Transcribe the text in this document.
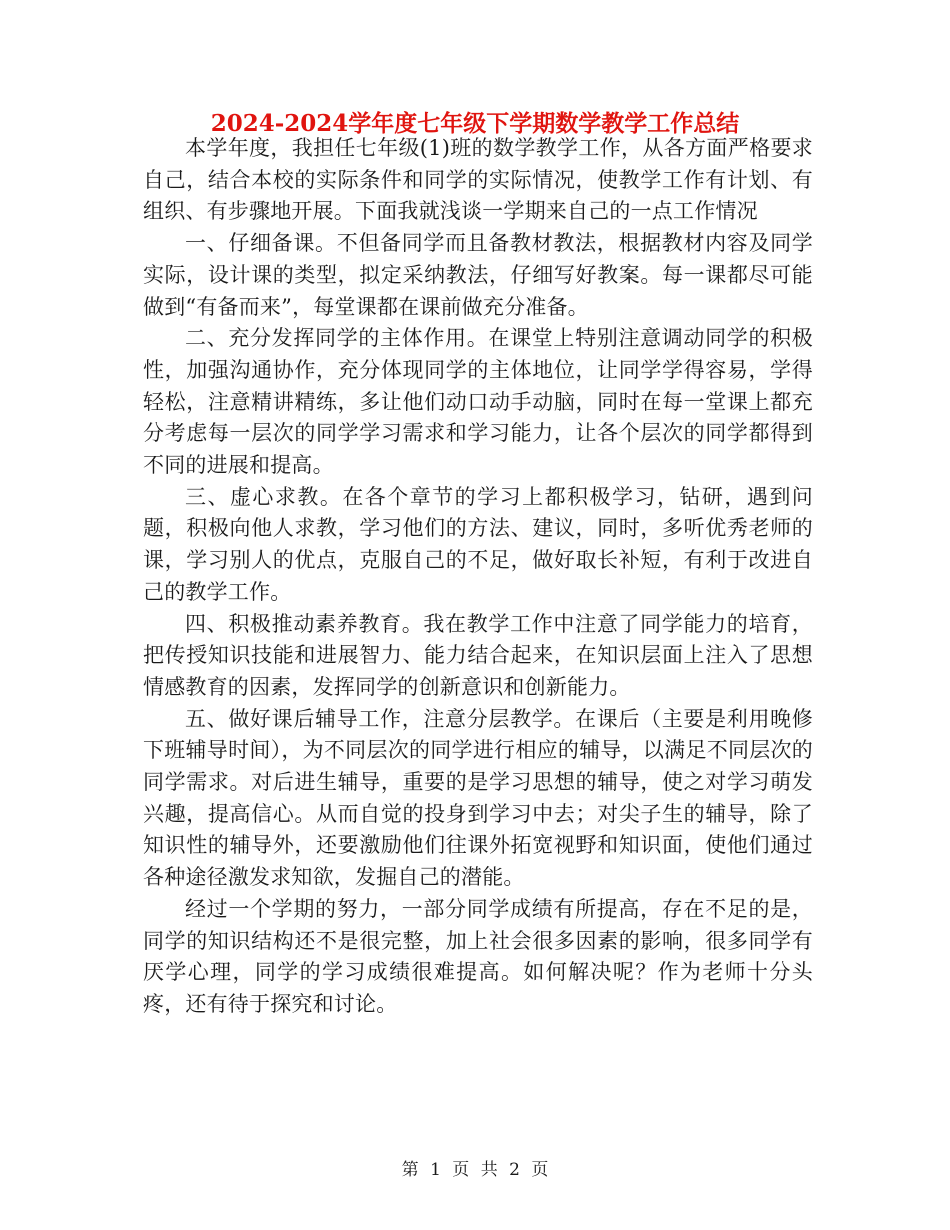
2024-2024学年度七年级下学期数学教学工作总结

本学年度，我担任七年级(1)班的数学教学工作，从各方面严格要求自己，结合本校的实际条件和同学的实际情况，使教学工作有计划、有组织、有步骤地开展。下面我就浅谈一学期来自己的一点工作情况

一、仔细备课。不但备同学而且备教材教法，根据教材内容及同学实际，设计课的类型，拟定采纳教法，仔细写好教案。每一课都尽可能做到“有备而来”，每堂课都在课前做充分准备。

二、充分发挥同学的主体作用。在课堂上特别注意调动同学的积极性，加强沟通协作，充分体现同学的主体地位，让同学学得容易，学得轻松，注意精讲精练，多让他们动口动手动脑，同时在每一堂课上都充分考虑每一层次的同学学习需求和学习能力，让各个层次的同学都得到不同的进展和提高。

三、虚心求教。在各个章节的学习上都积极学习，钻研，遇到问题，积极向他人求教，学习他们的方法、建议，同时，多听优秀老师的课，学习别人的优点，克服自己的不足，做好取长补短，有利于改进自己的教学工作。

四、积极推动素养教育。我在教学工作中注意了同学能力的培育，把传授知识技能和进展智力、能力结合起来，在知识层面上注入了思想情感教育的因素，发挥同学的创新意识和创新能力。

五、做好课后辅导工作，注意分层教学。在课后（主要是利用晚修下班辅导时间），为不同层次的同学进行相应的辅导，以满足不同层次的同学需求。对后进生辅导，重要的是学习思想的辅导，使之对学习萌发兴趣，提高信心。从而自觉的投身到学习中去；对尖子生的辅导，除了知识性的辅导外，还要激励他们往课外拓宽视野和知识面，使他们通过各种途径激发求知欲，发掘自己的潜能。

经过一个学期的努力，一部分同学成绩有所提高，存在不足的是，同学的知识结构还不是很完整，加上社会很多因素的影响，很多同学有厌学心理，同学的学习成绩很难提高。如何解决呢？作为老师十分头疼，还有待于探究和讨论。

第 1 页 共 2 页
